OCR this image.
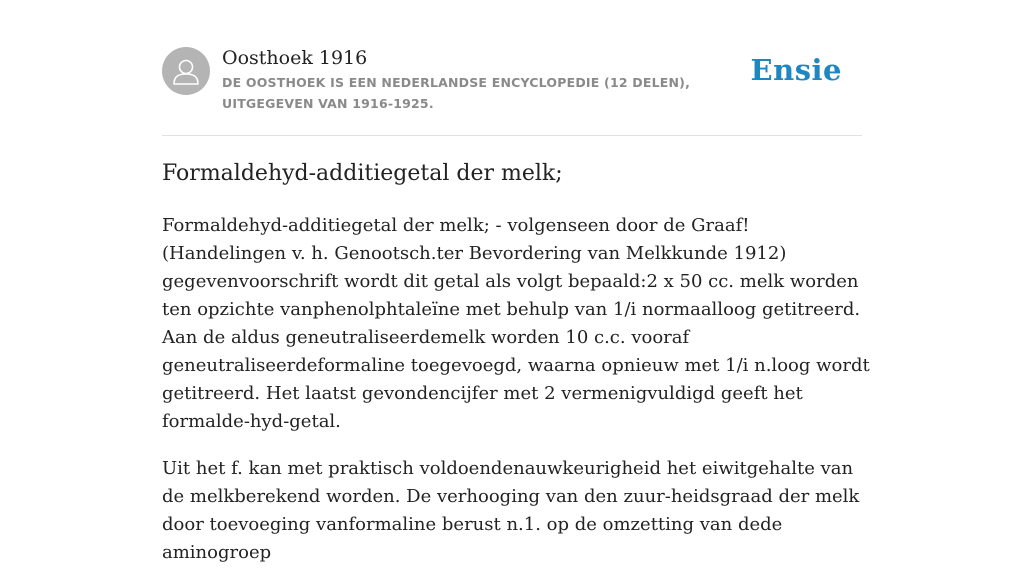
Oosthoek 1916
DE OOSTHOEK IS EEN NEDERLANDSE ENCYCLOPEDIE (12 DELEN), UITGEGEVEN VAN 1916-1925.
Ensie
Formaldehyd-additiegetal der melk;

Formaldehyd-additiegetal der melk; - volgenseen door de Graaf! (Handelingen v. h. Genootsch.ter Bevordering van Melkkunde 1912) gegevenvoorschrift wordt dit getal als volgt bepaald:2 x 50 cc. melk worden ten opzichte vanphenolphtaleïne met behulp van 1/i normaalloog getitreerd. Aan de aldus geneutraliseerdemelk worden 10 c.c. vooraf geneutraliseerdeformaline toegevoegd, waarna opnieuw met 1/i n.loog wordt getitreerd. Het laatst gevondencijfer met 2 vermenigvuldigd geeft het formalde-hyd-getal.

Uit het f. kan met praktisch voldoendenauwkeurigheid het eiwitgehalte van de melkberekend worden. De verhooging van den zuur-heidsgraad der melk door toevoeging vanformaline berust n.1. op de omzetting van dede aminogroep
